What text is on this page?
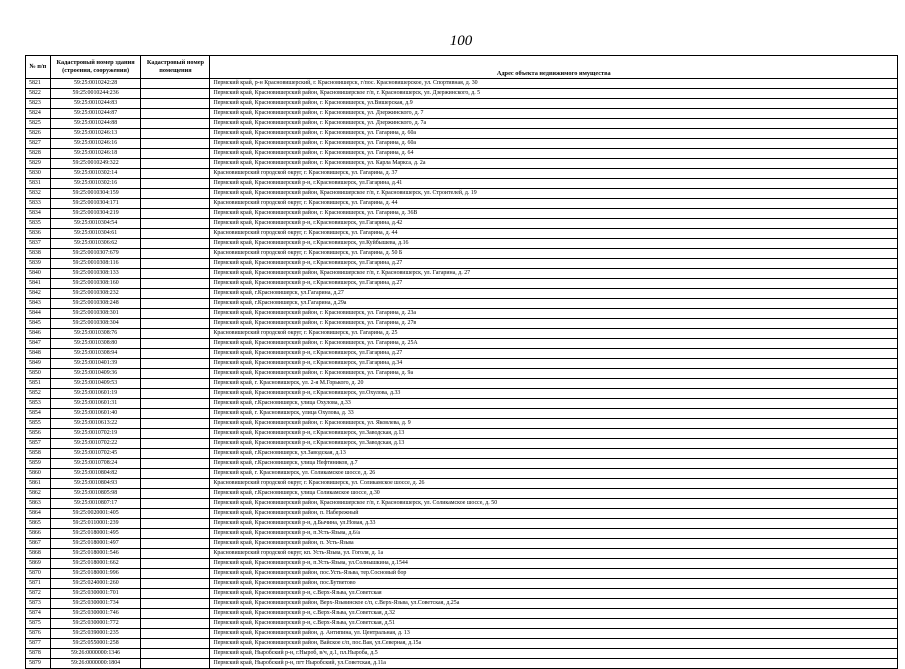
100
№ п/п	Кадастровый номер здания (строения, сооружения)	Кадастровый номер помещения	
			Адрес объекта недвижимого имущества
5821	59:25:0010242:28		Пермский край, р-н Красновишерский, г. Красновишерск, г/пос. Красновишерское, ул. Спортивная, д. 30
5822	59:25:0010244:236		Пермский край, Красновишерский район, Красновишерское г/п, г. Красновишерск, ул. Дзержинского, д. 5
5823	59:25:0010244:83		Пермский край, Красновишерский район, г. Красновишерск, ул.Вишерская, д.9
5824	59:25:0010244:87		Пермский край, Красновишерский район, г. Красновишерск, ул. Дзержинского, д. 7
5825	59:25:0010244:88		Пермский край, Красновишерский район, г. Красновишерск, ул. Дзержинского, д. 7а
5826	59:25:0010246:13		Пермский край, Красновишерский район, г. Красновишерск, ул. Гагарина, д. 60а
5827	59:25:0010246:16		Пермский край, Красновишерский район, г. Красновишерск, ул. Гагарина, д. 60а
5828	59:25:0010246:18		Пермский край, Красновишерский район, г. Красновишерск, ул. Гагарина, д. 64
5829	59:25:0010249:322		Пермский край, Красновишерский район, г. Красновишерск, ул. Карла Маркса, д. 2а
5830	59:25:0010302:14		Красновишерский городской округ, г. Красновишерск, ул. Гагарина, д. 37
5831	59:25:0010302:16		Пермский край, Красновишерский р-н, г.Красновишерск, ул.Гагарина, д.41
5832	59:25:0010304:159		Пермский край, Красновишерский район, Красновишерское г/п, г. Красновишерск, ул. Строителей, д. 19
5833	59:25:0010304:171		Красновишерский городской округ, г. Красновишерск, ул. Гагарина, д. 44
5834	59:25:0010304:219		Пермский край, Красновишерский район, г. Красновишерск, ул. Гагарина, д. 36В
5835	59:25:0010304:54		Пермский край, Красновишерский р-н, г.Красновишерск, ул.Гагарина, д.42
5836	59:25:0010304:61		Красновишерский городской округ, г. Красновишерск, ул. Гагарина, д. 44
5837	59:25:0010306:62		Пермский край, Красновишерский р-н, г.Красновишерск, ул.Куйбышева, д.16
5838	59:25:0010307:679		Красновишерский городской округ, г. Красновишерск, ул. Гагарина, д. 50 Б
5839	59:25:0010308:116		Пермский край, Красновишерский р-н, г.Красновишерск, ул.Гагарина, д.27
5840	59:25:0010308:133		Пермский край, Красновишерский район, Красновишерское г/п, г. Красновишерск, ул. Гагарина, д. 27
5841	59:25:0010308:160		Пермский край, Красновишерский р-н, г.Красновишерск, ул.Гагарина, д.27
5842	59:25:0010308:232		Пермский край, г.Красновишерск, ул.Гагарина, д.27
5843	59:25:0010308:248		Пермский край, г.Красновишерск, ул.Гагарина, д.29а
5844	59:25:0010308:301		Пермский край, Красновишерский район, г. Красновишерск, ул. Гагарина, д. 23а
5845	59:25:0010308:304		Пермский край, Красновишерский район, г. Красновишерск, ул. Гагарина, д. 27в
5846	59:25:0010308:76		Красновишерский городской округ, г. Красновишерск, ул. Гагарина, д. 25
5847	59:25:0010308:80		Пермский край, Красновишерский район, г. Красновишерск, ул. Гагарина, д. 25А
5848	59:25:0010308:94		Пермский край, Красновишерский р-н, г.Красновишерск, ул.Гагарина, д.27
5849	59:25:0010401:39		Пермский край, Красновишерский р-н, г.Красновишерск, ул.Гагарина, д.34
5850	59:25:0010409:36		Пермский край, Красновишерский район, г. Красновишерск, ул. Гагарина, д. 9а
5851	59:25:0010409:53		Пермский край, г. Красновишерск, ул. 2-я М.Горького, д. 20
5852	59:25:0010601:19		Пермский край, Красновишерский р-н, г.Красновишерск, ул.Охулова, д.33
5853	59:25:0010601:31		Пермский край, г.Красновишерск, улица Охулова, д.33
5854	59:25:0010601:40		Пермский край, г. Красновишерск, улица Охулова, д. 33
5855	59:25:0010613:22		Пермский край, Красновишерский район, г. Красновишерск, ул. Яковлева, д. 9
5856	59:25:0010702:19		Пермский край, Красновишерский р-н, г.Красновишерск, ул.Заводская, д.13
5857	59:25:0010702:22		Пермский край, Красновишерский р-н, г.Красновишерск, ул.Заводская, д.13
5858	59:25:0010702:45		Пермский край, г.Красновишерск, ул.Заводская, д.13
5859	59:25:0010708:24		Пермский край, г.Красновишерск, улица Нефтяников, д.7
5860	59:25:0010804:82		Пермский край, г. Красновишерск, ул. Соликамское шоссе, д. 26
5861	59:25:0010804:93		Красновишерский городской округ, г. Красновишерск, ул. Соликамское шоссе, д. 26
5862	59:25:0010805:98		Пермский край, г.Красновишерск, улица Соликамское шоссе, д.30
5863	59:25:0010807:17		Пермский край, Красновишерский район, Красновишерское г/п, г. Красновишерск, ул. Соликамское шоссе, д. 50
5864	59:25:0020001:405		Пермский край, Красновишерский район, п. Набережный
5865	59:25:0110001:239		Пермский край, Красновишерский р-н, д.Бычина, ул.Новая, д.33
5866	59:25:0180001:495		Пермский край, Красновишерский р-н, п.Усть-Язьва, д.6/а
5867	59:25:0180001:497		Пермский край, Красновишерский район, п. Усть-Язьва
5868	59:25:0180001:546		Красновишерский городской округ, кп. Усть-Язьва, ул. Гоголя, д. 1а
5869	59:25:0180001:662		Пермский край, Красновишерский р-н, п.Усть-Язьва, ул.Солнышкина, д.1544
5870	59:25:0180001:996		Пермский край, Красновишерский район, пос.Усть-Язьва, тер.Сосновый бор
5871	59:25:0240001:260		Пермский край, Красновишерский район, пос.Бутветово
5872	59:25:0300001:701		Пермский край, Красновишерский р-н, с.Верх-Язьва, ул.Советская
5873	59:25:0300001:734		Пермский край, Красновишерский район, Верх-Язьвинское с/п, с.Верх-Язьва, ул.Советская, д.25а
5874	59:25:0300001:746		Пермский край, Красновишерский р-н, с.Верх-Язьва, ул.Советская, д.32
5875	59:25:0300001:772		Пермский край, Красновишерский р-н, с.Верх-Язьва, ул.Советская, д.51
5876	59:25:0390001:235		Пермский край, Красновишерский район, д. Антипина, ул. Центральная, д. 13
5877	59:25:0550001:258		Пермский край, Красновишерский район, Вайское с/п, пос.Вая, ул.Северная, д.15а
5878	59:26:0000000:1346		Пермский край, Ныробский р-н, г.Ныроб, в/ч, д.1, пл.Ныроба, д.5
5879	59:26:0000000:1804		Пермский край, Ныробский р-н, пгт Ныробский, ул.Советская, д.11а
